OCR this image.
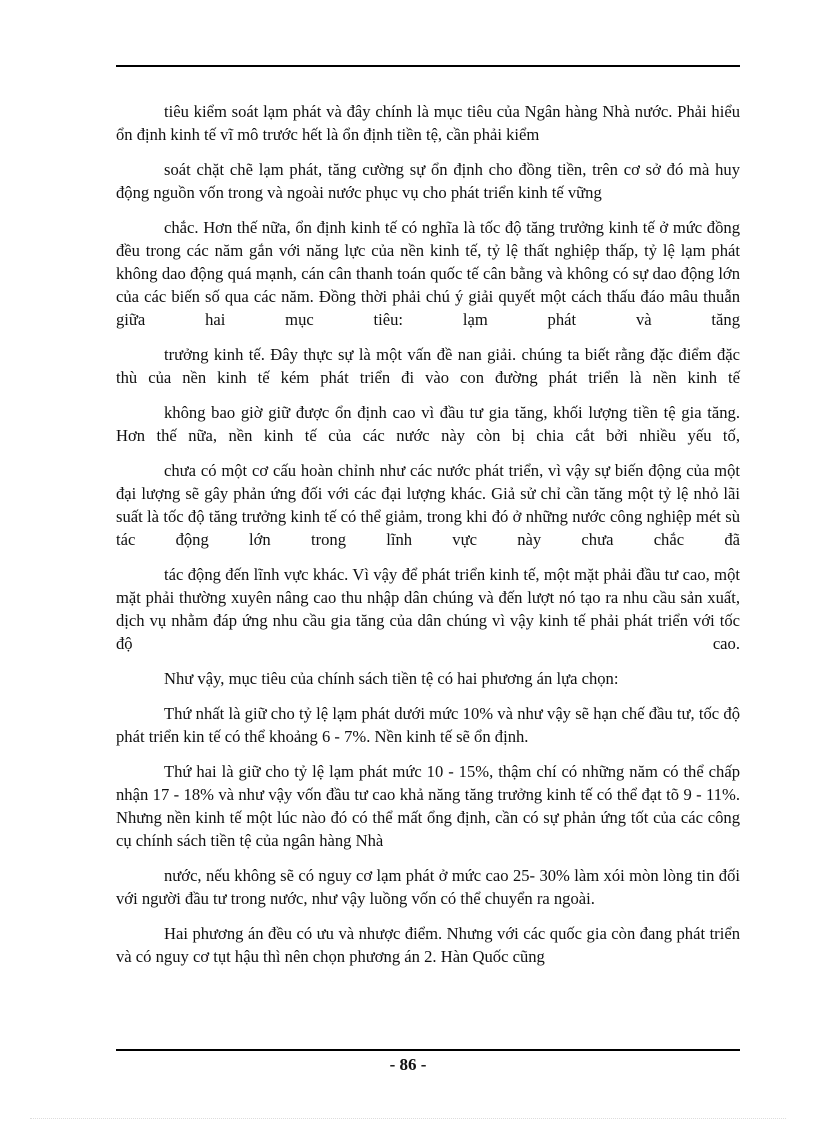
tiêu kiểm soát lạm phát và đây chính là mục tiêu của Ngân hàng Nhà nước. Phải hiểu ổn định kinh tế vĩ mô trước hết là ổn định tiền tệ, cần phải kiểm

soát chặt chẽ lạm phát, tăng cường sự ổn định cho đồng tiền, trên cơ sở đó mà huy động nguồn vốn trong và ngoài nước phục vụ cho phát triển kinh tế vững

chắc. Hơn thế nữa, ổn định kinh tế có nghĩa là tốc độ tăng trưởng kinh tế ở mức đồng đều trong các năm gắn với năng lực của nền kinh tế, tỷ lệ thất nghiệp thấp, tỷ lệ lạm phát không dao động quá mạnh, cán cân thanh toán quốc tế cân bằng và không có sự dao động lớn của các biến số qua các năm. Đồng thời phải chú ý giải quyết một cách thấu đáo mâu thuẫn giữa hai mục tiêu: lạm phát và tăng

trưởng kinh tế. Đây thực sự là một vấn đề nan giải. chúng ta biết rằng đặc điểm đặc thù của nền kinh tế kém phát triển đi vào con đường phát triển là nền kinh tế

không bao giờ giữ được ổn định cao vì đầu tư gia tăng, khối lượng tiền tệ gia tăng. Hơn thế nữa, nền kinh tế của các nước này còn bị chia cắt bởi nhiều yếu tố,

chưa có một cơ cấu hoàn chỉnh như các nước phát triển, vì vậy sự biến động của một đại lượng sẽ gây phản ứng đối với các đại lượng khác. Giả sử chỉ cần tăng một tỷ lệ nhỏ lãi suất là tốc độ tăng trưởng kinh tế có thể giảm, trong khi đó ở những nước công nghiệp mét sù tác động lớn trong lĩnh vực này chưa chắc đã

tác động đến lĩnh vực khác. Vì vậy để phát triển kinh tế, một mặt phải đầu tư cao, một mặt phải thường xuyên nâng cao thu nhập dân chúng và đến lượt nó tạo ra nhu cầu sản xuất, dịch vụ nhằm đáp ứng nhu cầu gia tăng của dân chúng vì vậy kinh tế phải phát triển với tốc độ cao.

Như vậy, mục tiêu của chính sách tiền tệ có hai phương án lựa chọn:

Thứ nhất là giữ cho tỷ lệ lạm phát dưới mức 10% và như vậy sẽ hạn chế đầu tư, tốc độ phát triển kin tế có thể khoảng 6 - 7%. Nền kinh tế sẽ ổn định.

Thứ hai là giữ cho tỷ lệ lạm phát mức 10 - 15%, thậm chí có những năm có thể chấp nhận 17 - 18% và như vậy vốn đầu tư cao khả năng tăng trưởng kinh tế có thể đạt tõ 9 - 11%. Nhưng nền kinh tế một lúc nào đó có thể mất ổng định, cần có sự phản ứng tốt của các công cụ chính sách tiền tệ của ngân hàng Nhà

nước, nếu không sẽ có nguy cơ lạm phát ở mức cao 25- 30% làm xói mòn lòng tin đối với người đầu tư trong nước, như vậy luồng vốn có thể chuyển ra ngoài.

Hai phương án đều có ưu và nhược điểm. Nhưng với các quốc gia còn đang phát triển và có nguy cơ tụt hậu thì nên chọn phương án 2. Hàn Quốc cũng

- 86 -
